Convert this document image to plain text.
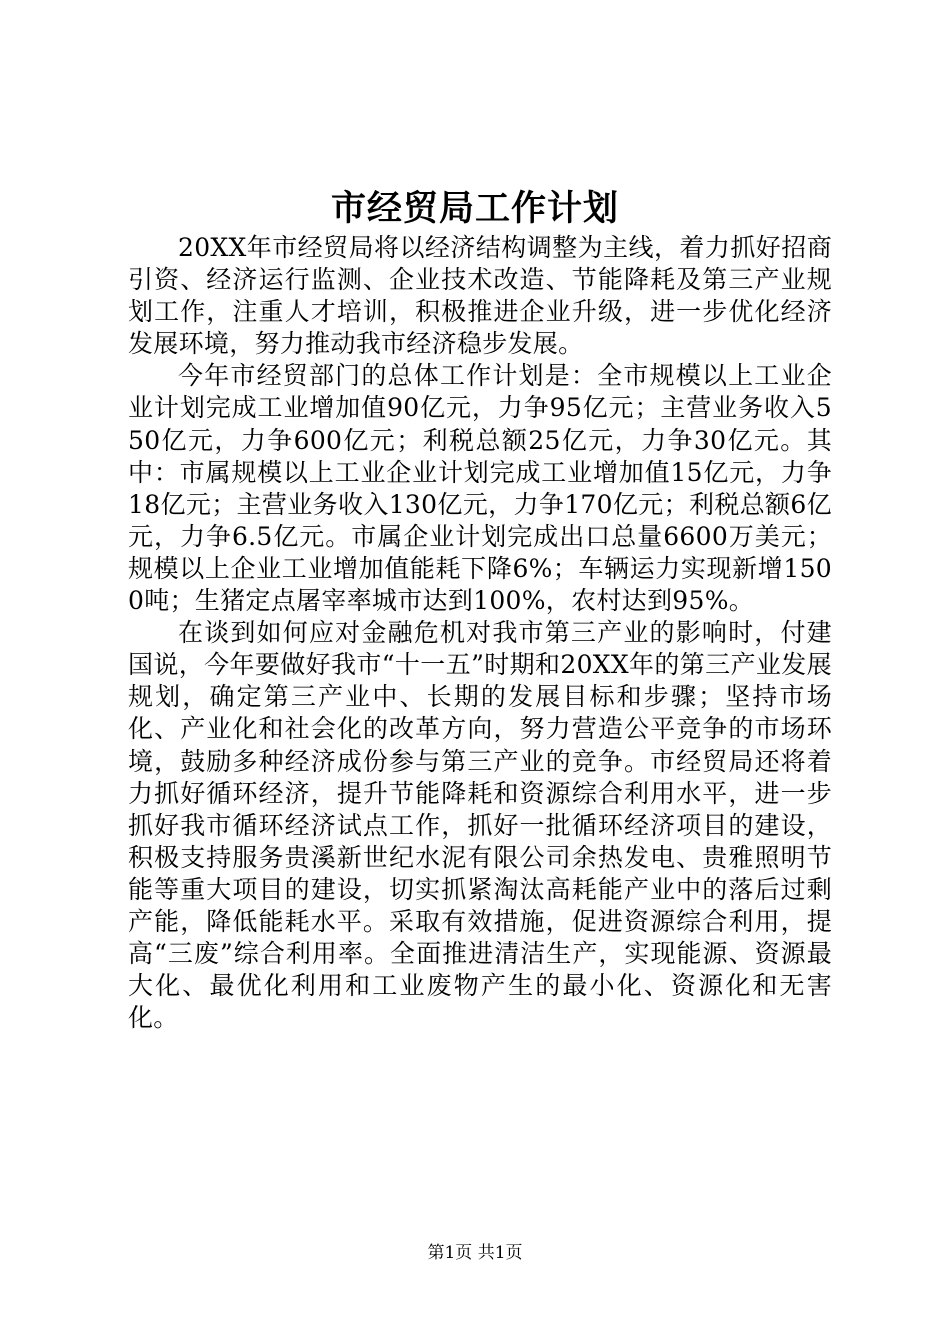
市经贸局工作计划

20XX年市经贸局将以经济结构调整为主线，着力抓好招商引资、经济运行监测、企业技术改造、节能降耗及第三产业规划工作，注重人才培训，积极推进企业升级，进一步优化经济发展环境，努力推动我市经济稳步发展。

今年市经贸部门的总体工作计划是：全市规模以上工业企业计划完成工业增加值90亿元，力争95亿元；主营业务收入550亿元，力争600亿元；利税总额25亿元，力争30亿元。其中：市属规模以上工业企业计划完成工业增加值15亿元，力争18亿元；主营业务收入130亿元，力争170亿元；利税总额6亿元，力争6.5亿元。市属企业计划完成出口总量6600万美元；规模以上企业工业增加值能耗下降6%；车辆运力实现新增1500吨；生猪定点屠宰率城市达到100%，农村达到95%。

在谈到如何应对金融危机对我市第三产业的影响时，付建国说，今年要做好我市“十一五”时期和20XX年的第三产业发展规划，确定第三产业中、长期的发展目标和步骤；坚持市场化、产业化和社会化的改革方向，努力营造公平竞争的市场环境，鼓励多种经济成份参与第三产业的竞争。市经贸局还将着力抓好循环经济，提升节能降耗和资源综合利用水平，进一步抓好我市循环经济试点工作，抓好一批循环经济项目的建设，积极支持服务贵溪新世纪水泥有限公司余热发电、贵雅照明节能等重大项目的建设，切实抓紧淘汰高耗能产业中的落后过剩产能，降低能耗水平。采取有效措施，促进资源综合利用，提高“三废”综合利用率。全面推进清洁生产，实现能源、资源最大化、最优化利用和工业废物产生的最小化、资源化和无害化。

第1页 共1页
